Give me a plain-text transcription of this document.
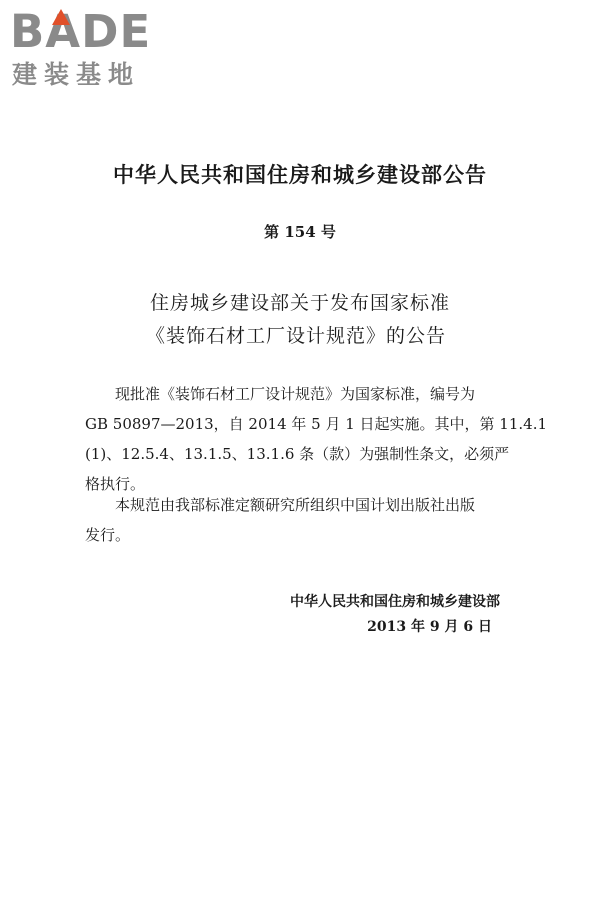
BADE
建装基地
中华人民共和国住房和城乡建设部公告
第 154 号
住房城乡建设部关于发布国家标准
《装饰石材工厂设计规范》的公告
　　现批准《装饰石材工厂设计规范》为国家标准，编号为
GB 50897—2013，自 2014 年 5 月 1 日起实施。其中，第 11.4.1
(1)、12.5.4、13.1.5、13.1.6 条（款）为强制性条文，必须严
格执行。
　　本规范由我部标准定额研究所组织中国计划出版社出版
发行。
中华人民共和国住房和城乡建设部
2013 年 9 月 6 日
